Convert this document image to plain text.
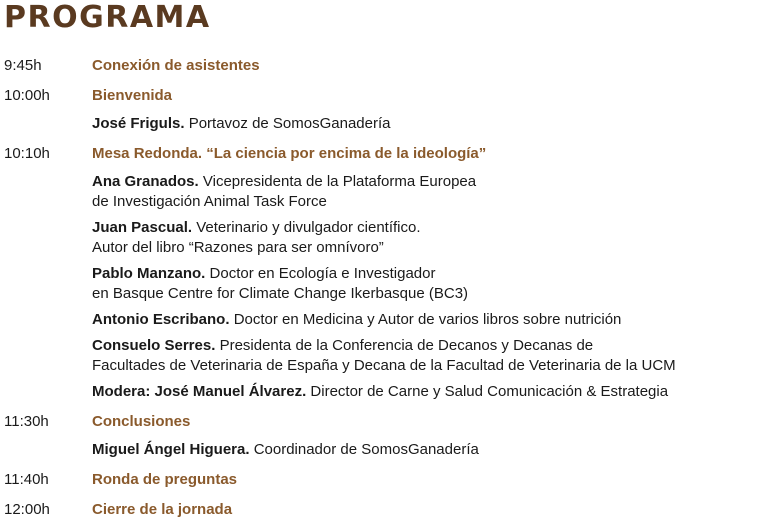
PROGRAMA
9:45h	Conexión de asistentes
10:00h	Bienvenida
José Friguls. Portavoz de SomosGanadería
10:10h	Mesa Redonda. “La ciencia por encima de la ideología”
Ana Granados. Vicepresidenta de la Plataforma Europea
de Investigación Animal Task Force
Juan Pascual. Veterinario y divulgador científico.
Autor del libro “Razones para ser omnívoro”
Pablo Manzano. Doctor en Ecología e Investigador
en Basque Centre for Climate Change Ikerbasque (BC3)
Antonio Escribano. Doctor en Medicina y Autor de varios libros sobre nutrición
Consuelo Serres. Presidenta de la Conferencia de Decanos y Decanas de
Facultades de Veterinaria de España y Decana de la Facultad de Veterinaria de la UCM
Modera: José Manuel Álvarez. Director de Carne y Salud Comunicación & Estrategia
11:30h	Conclusiones
Miguel Ángel Higuera. Coordinador de SomosGanadería
11:40h	Ronda de preguntas
12:00h	Cierre de la jornada
